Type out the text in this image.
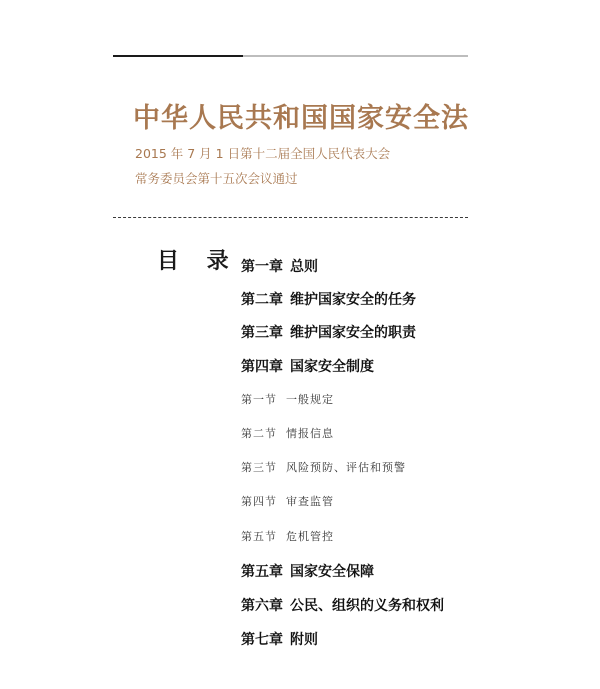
中华人民共和国国家安全法

2015 年 7 月 1 日第十二届全国人民代表大会

常务委员会第十五次会议通过

目 录 第一章 总则
第二章 维护国家安全的任务
第三章 维护国家安全的职责
第四章 国家安全制度
第一节 一般规定
第二节 情报信息
第三节 风险预防、评估和预警
第四节 审查监管
第五节 危机管控
第五章 国家安全保障
第六章 公民、组织的义务和权利
第七章 附则
